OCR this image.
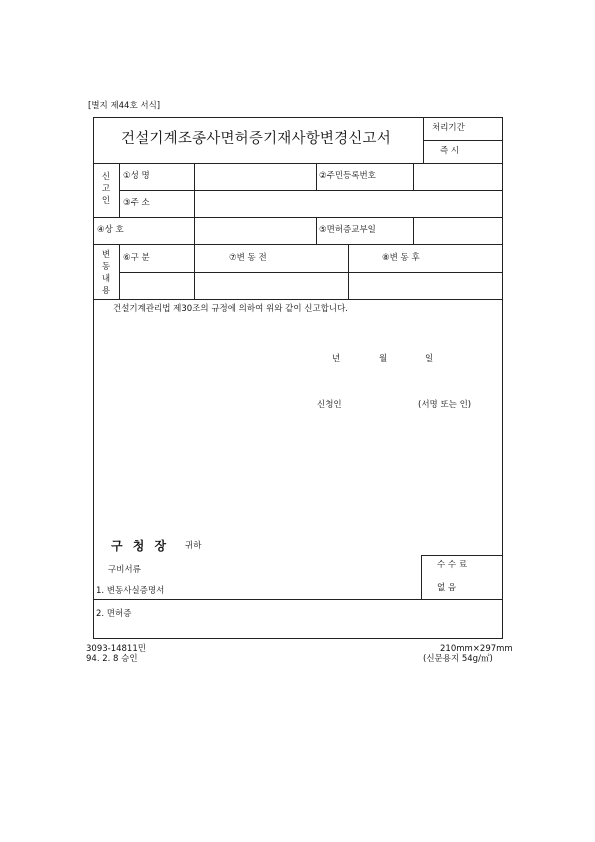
[별지 제44호 서식]
건설기계조종사면허증기재사항변경신고서
처리기간
즉 시
신고인
①성 명	②주민등록번호
③주 소
④상 호	⑤면허증교부일
변동내용
⑥구 분	⑦변 동 전	⑧변 동 후
건설기계관리법 제30조의 규정에 의하여 위와 같이 신고합니다.
년	월	일
신청인	(서명 또는 인)
구 청 장 귀하
구비서류
1. 변동사실증명서
2. 면허증
수 수 료
없 음
3093-14811민
94. 2. 8 승인
210mm×297mm
(신문용지 54g/㎡)
